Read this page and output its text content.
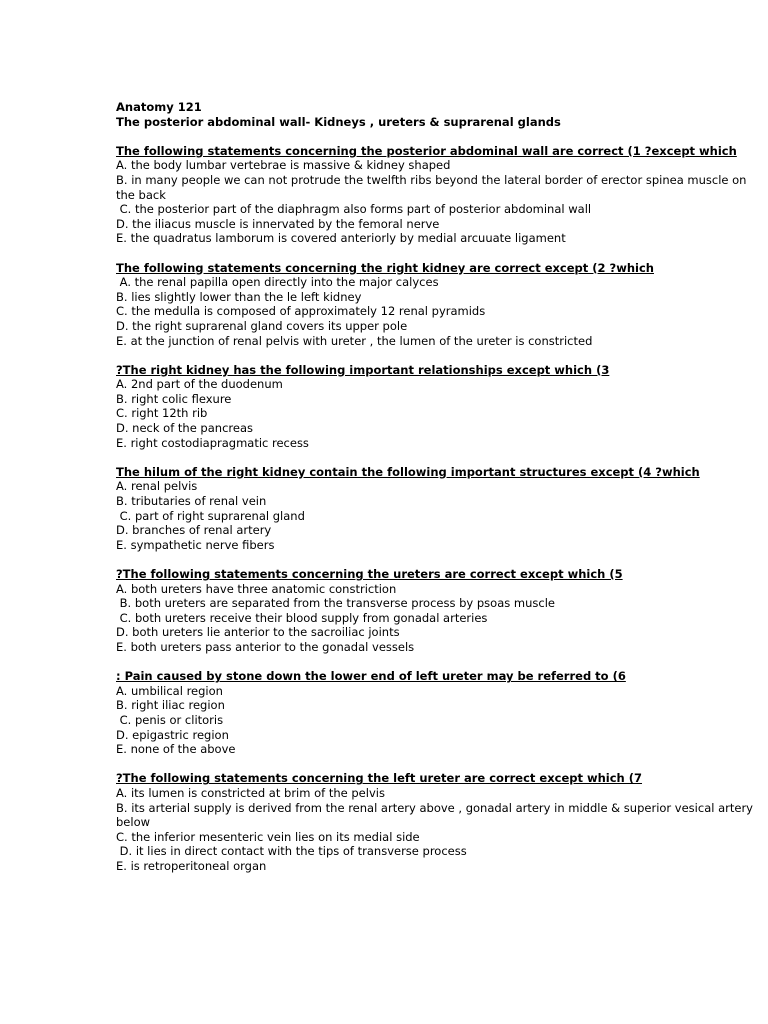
Anatomy 121
The posterior abdominal wall- Kidneys , ureters & suprarenal glands
The following statements concerning the posterior abdominal wall are correct (1 ?except which
A. the body lumbar vertebrae is massive & kidney shaped
B. in many people we can not protrude the twelfth ribs beyond the lateral border of erector spinea muscle on the back
C. the posterior part of the diaphragm also forms part of posterior abdominal wall
D. the iliacus muscle is innervated by the femoral nerve
E. the quadratus lamborum is covered anteriorly by medial arcuuate ligament
The following statements concerning the right kidney are correct except (2 ?which
A. the renal papilla open directly into the major calyces
B. lies slightly lower than the le left kidney
C. the medulla is composed of approximately 12 renal pyramids
D. the right suprarenal gland covers its upper pole
E. at the junction of renal pelvis with ureter , the lumen of the ureter is constricted
?The right kidney has the following important relationships except which (3
A. 2nd part of the duodenum
B. right colic flexure
C. right 12th rib
D. neck of the pancreas
E. right costodiapragmatic recess
The hilum of the right kidney contain the following important structures except (4 ?which
A. renal pelvis
B. tributaries of renal vein
C. part of right suprarenal gland
D. branches of renal artery
E. sympathetic nerve fibers
?The following statements concerning the ureters are correct except which (5
A. both ureters have three anatomic constriction
B. both ureters are separated from the transverse process by psoas muscle
C. both ureters receive their blood supply from gonadal arteries
D. both ureters lie anterior to the sacroiliac joints
E. both ureters pass anterior to the gonadal vessels
: Pain caused by stone down the lower end of left ureter may be referred to (6
A. umbilical region
B. right iliac region
C. penis or clitoris
D. epigastric region
E. none of the above
?The following statements concerning the left ureter are correct except which (7
A. its lumen is constricted at brim of the pelvis
B. its arterial supply is derived from the renal artery above , gonadal artery in middle & superior vesical artery below
C. the inferior mesenteric vein lies on its medial side
D. it lies in direct contact with the tips of transverse process
E. is retroperitoneal organ
